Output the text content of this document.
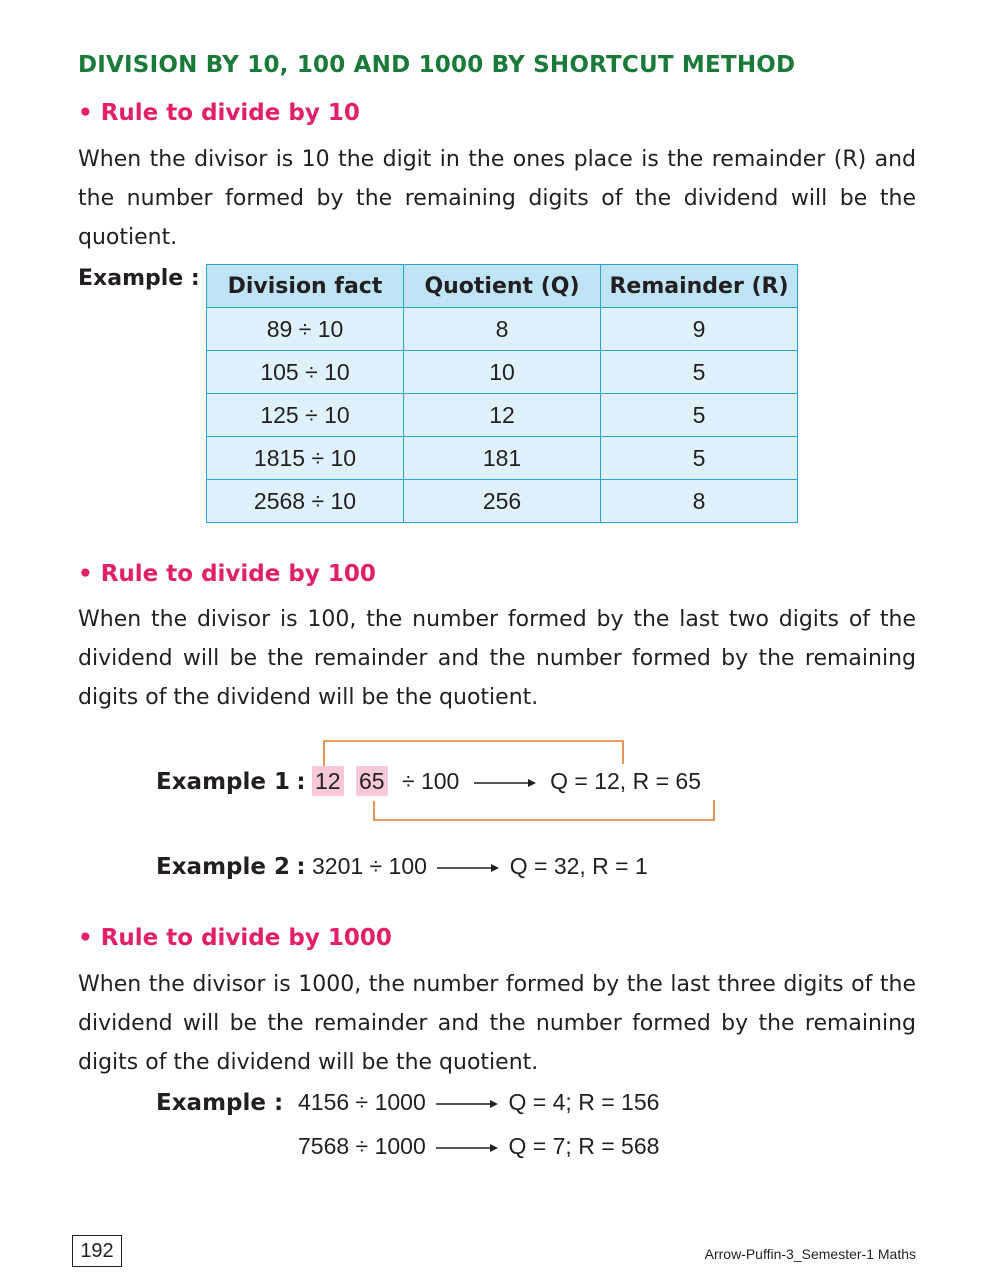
DIVISION BY 10, 100 AND 1000 BY SHORTCUT METHOD
• Rule to divide by 10
When the divisor is 10 the digit in the ones place is the remainder (R) and the number formed by the remaining digits of the dividend will be the quotient.
Example : Division fact	Quotient (Q)	Remainder (R)
89 ÷ 10	8	9
105 ÷ 10	10	5
125 ÷ 10	12	5
1815 ÷ 10	181	5
2568 ÷ 10	256	8
• Rule to divide by 100
When the divisor is 100, the number formed by the last two digits of the dividend will be the remainder and the number formed by the remaining digits of the dividend will be the quotient.
Example 1 : 12 65 ÷ 100	Q = 12, R = 65
Example 2 : 3201 ÷ 100	Q = 32, R = 1
• Rule to divide by 1000
When the divisor is 1000, the number formed by the last three digits of the dividend will be the remainder and the number formed by the remaining digits of the dividend will be the quotient.
Example : 4156 ÷ 1000	Q = 4; R = 156
7568 ÷ 1000	Q = 7; R = 568
192	Arrow-Puffin-3_Semester-1 Maths
